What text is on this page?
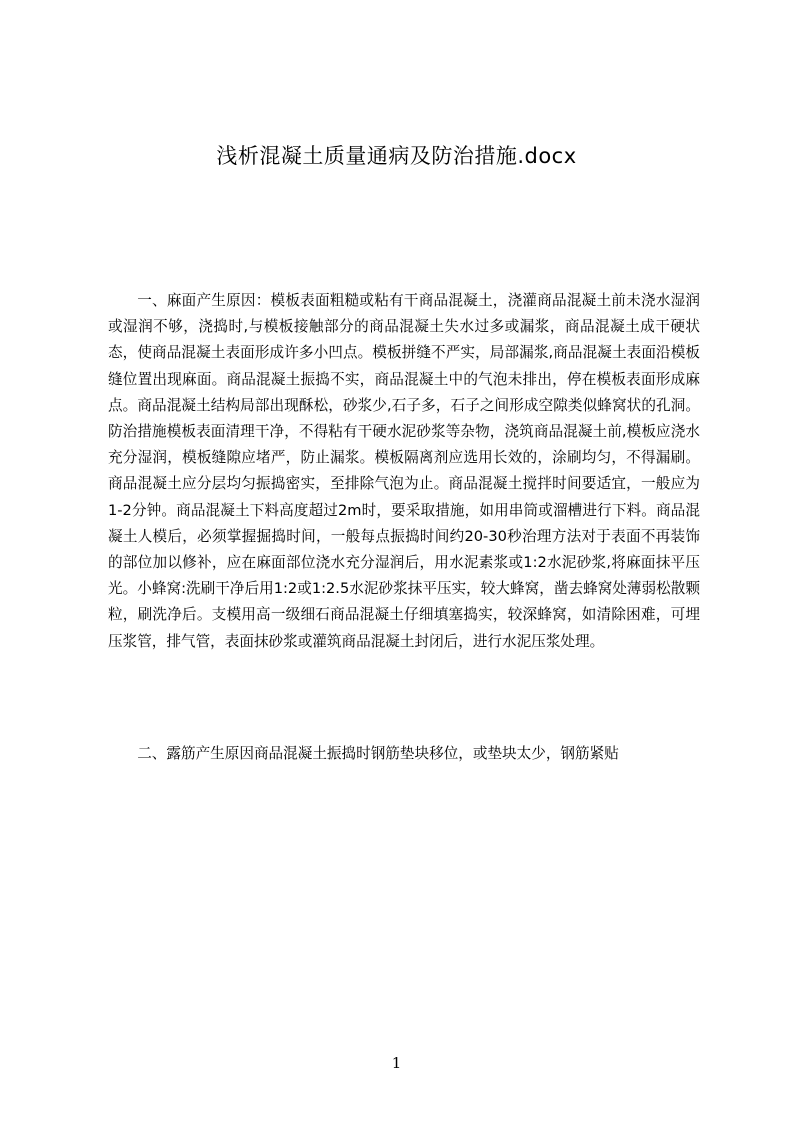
浅析混凝土质量通病及防治措施.docx

一、麻面产生原因：模板表面粗糙或粘有干商品混凝土，浇灌商品混凝土前未浇水湿润或湿润不够，浇捣时,与模板接触部分的商品混凝土失水过多或漏浆，商品混凝土成干硬状态，使商品混凝土表面形成许多小凹点。模板拼缝不严实，局部漏浆,商品混凝土表面沿模板缝位置出现麻面。商品混凝土振捣不实，商品混凝土中的气泡未排出，停在模板表面形成麻点。商品混凝土结构局部出现酥松，砂浆少,石子多，石子之间形成空隙类似蜂窝状的孔洞。防治措施模板表面清理干净，不得粘有干硬水泥砂浆等杂物，浇筑商品混凝土前,模板应浇水充分湿润，模板缝隙应堵严，防止漏浆。模板隔离剂应选用长效的，涂刷均匀，不得漏刷。商品混凝土应分层均匀振捣密实，至排除气泡为止。商品混凝土搅拌时间要适宜，一般应为1-2分钟。商品混凝土下料高度超过2m时，要采取措施，如用串筒或溜槽进行下料。商品混凝土人模后，必须掌握掘捣时间，一般每点振捣时间约20-30秒治理方法对于表面不再装饰的部位加以修补，应在麻面部位浇水充分湿润后，用水泥素浆或1:2水泥砂浆,将麻面抹平压光。小蜂窝:洗刷干净后用1:2或1:2.5水泥砂浆抹平压实，较大蜂窝，凿去蜂窝处薄弱松散颗粒，刷洗净后。支模用高一级细石商品混凝土仔细填塞捣实，较深蜂窝，如清除困难，可埋压浆管，排气管，表面抹砂浆或灌筑商品混凝土封闭后，进行水泥压浆处理。

二、露筋产生原因商品混凝土振捣时钢筋垫块移位，或垫块太少，钢筋紧贴

1
